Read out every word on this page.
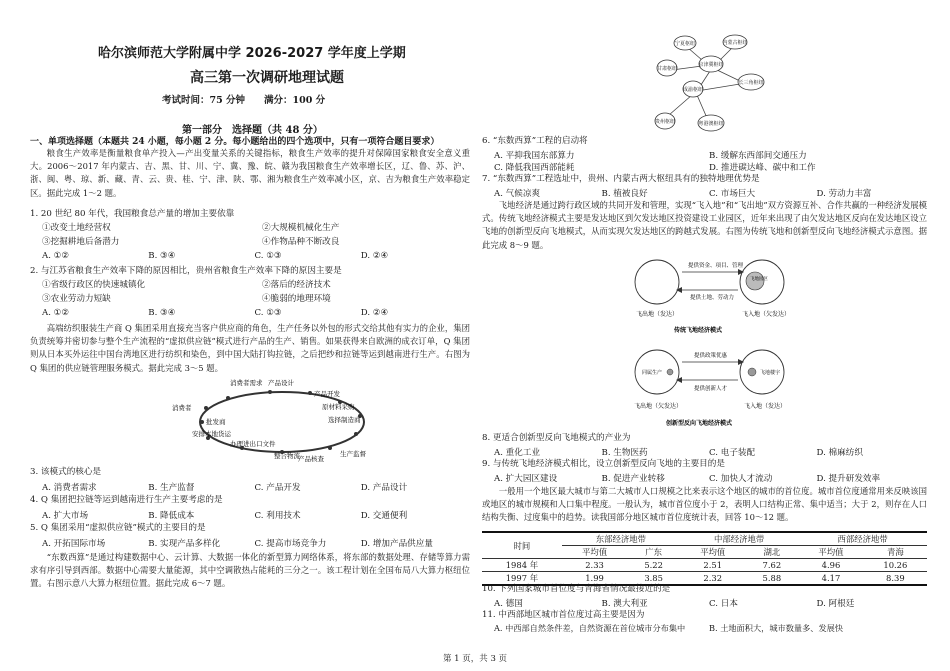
哈尔滨师范大学附属中学 2026-2027 学年度上学期
高三第一次调研地理试题
考试时间：75 分钟　　满分：100 分
第一部分　选择题（共 48 分）
一、单项选择题（本题共 24 小题，每小题 2 分。每小题给出的四个选项中，只有一项符合题目要求）
粮食生产效率是衡量粮食单产投入—产出变量关系的关键指标，粮食生产效率的提升对保障国家粮食安全意义重大。2006～2017 年内蒙古、吉、黑、甘、川、宁、冀、豫、皖、赣为我国粮食生产效率增长区，辽、鲁、苏、沪、浙、闽、粤、琼、新、藏、青、云、贵、桂、宁、津、陕、鄂、湘为粮食生产效率减小区，京、吉为粮食生产效率稳定区。据此完成 1～2 题。
1. 20 世纪 80 年代，我国粮食总产量的增加主要依靠
①改变土地经营权	②大规模机械化生产
③挖掘耕地后备潜力	④作物品种不断改良
A. ①②	B. ③④	C. ①③	D. ②④
2. 与江苏省粮食生产效率下降的原因相比，贵州省粮食生产效率下降的原因主要是
①省级行政区的快速城镇化	②落后的经济技术
③农业劳动力短缺	④脆弱的地理环境
A. ①②	B. ③④	C. ①③	D. ②④
高端纺织服装生产商 Q 集团采用直接充当客户供应商的角色，生产任务以外包的形式交给其他有实力的企业，集团负责统筹并密切参与整个生产流程的“虚拟供应链”模式进行产品的生产、销售。如果获得来自欧洲的成衣订单，Q 集团则从日本买外运往中国台湾地区进行纺织和染色，到中国大陆打钩拉链，之后把纱和拉链等运到越南进行生产。右图为 Q 集团的供应链管理服务模式。据此完成 3～5 题。
消费者需求 产品设计
产品开发
原材料采购
选择制造商
生产监督
产品核查
整合物流
办理进出口文件
安排本地货运
批发商
消费者
3. 该模式的核心是
A. 消费者需求	B. 生产监督	C. 产品开发	D. 产品设计
4. Q 集团把拉链等运到越南进行生产主要考虑的是
A. 扩大市场	B. 降低成本	C. 利用技术	D. 交通便利
5. Q 集团采用“虚拟供应链”模式的主要目的是
A. 开拓国际市场	B. 实现产品多样化	C. 提高市场竞争力	D. 增加产品供应量
“东数西算”是通过构建数据中心、云计算、大数据一体化的新型算力网络体系，将东部的数据处理、存储等算力需求有序引导到西部。数据中心需要大量能源，其中空调散热占能耗的三分之一。该工程计划在全国布局八大算力枢纽位置。右图示意八大算力枢纽位置。据此完成 6～7 题。
宁夏枢纽	内蒙古枢纽
京津冀枢纽
甘肃枢纽
长三角枢纽
成渝枢纽
贵州枢纽	粤港澳枢纽
6. “东数西算”工程的启动将
A. 平抑我国东部算力	B. 缓解东西部间交通压力
C. 降低我国西部能耗	D. 推进碳达峰、碳中和工作
7. “东数西算”工程选址中，贵州、内蒙古两大枢纽具有的独特地理优势是
A. 气候凉爽	B. 植被良好	C. 市场巨大	D. 劳动力丰富
飞地经济是通过跨行政区域的共同开发和管理，实现“飞入地”和“飞出地”双方资源互补、合作共赢的一种经济发展模式。传统飞地经济模式主要是发达地区到欠发达地区投资建设工业园区，近年来出现了由欠发达地区反向在发达地区设立飞地的创新型反向飞地模式，从而实现欠发达地区的跨越式发展。右图为传统飞地和创新型反向飞地经济模式示意图。据此完成 8～9 题。
提供资金、项目、管理
提供土地、劳动力
飞地园区
飞出地（发达）	飞入地（欠发达）
传统飞地经济模式
提供政策优惠
提供创新人才
同属生产	飞地楼宇
飞出地（欠发达）	飞入地（发达）
创新型反向飞地经济模式
8. 更适合创新型反向飞地模式的产业为
A. 重化工业	B. 生物医药	C. 电子装配	D. 棉麻纺织
9. 与传统飞地经济模式相比，设立创新型反向飞地的主要目的是
A. 扩大园区建设	B. 促进产业转移	C. 加快人才流动	D. 提升研发效率
一般用一个地区最大城市与第二大城市人口规模之比来表示这个地区的城市的首位度。城市首位度通常用来反映该国或地区的城市规模和人口集中程度。一般认为，城市首位度小于 2，表明人口结构正常、集中适当；大于 2，则存在人口结构失衡、过度集中的趋势。读我国部分地区城市首位度统计表，回答 10～12 题。
时间	东部经济地带		中部经济地带		西部经济地带	
	平均值	广东	平均值	湖北	平均值	青海
1984 年	2.33	5.22	2.51	7.62	4.96	10.26
1997 年	1.99	3.85	2.32	5.88	4.17	8.39
10. 下列国家城市首位度与青海省情况最接近的是
A. 德国	B. 澳大利亚	C. 日本	D. 阿根廷
11. 中西部地区城市首位度过高主要是因为
A. 中西部自然条件差，自然资源在首位城市分布集中	B. 土地面积大，城市数量多、发展快
第 1 页，共 3 页
